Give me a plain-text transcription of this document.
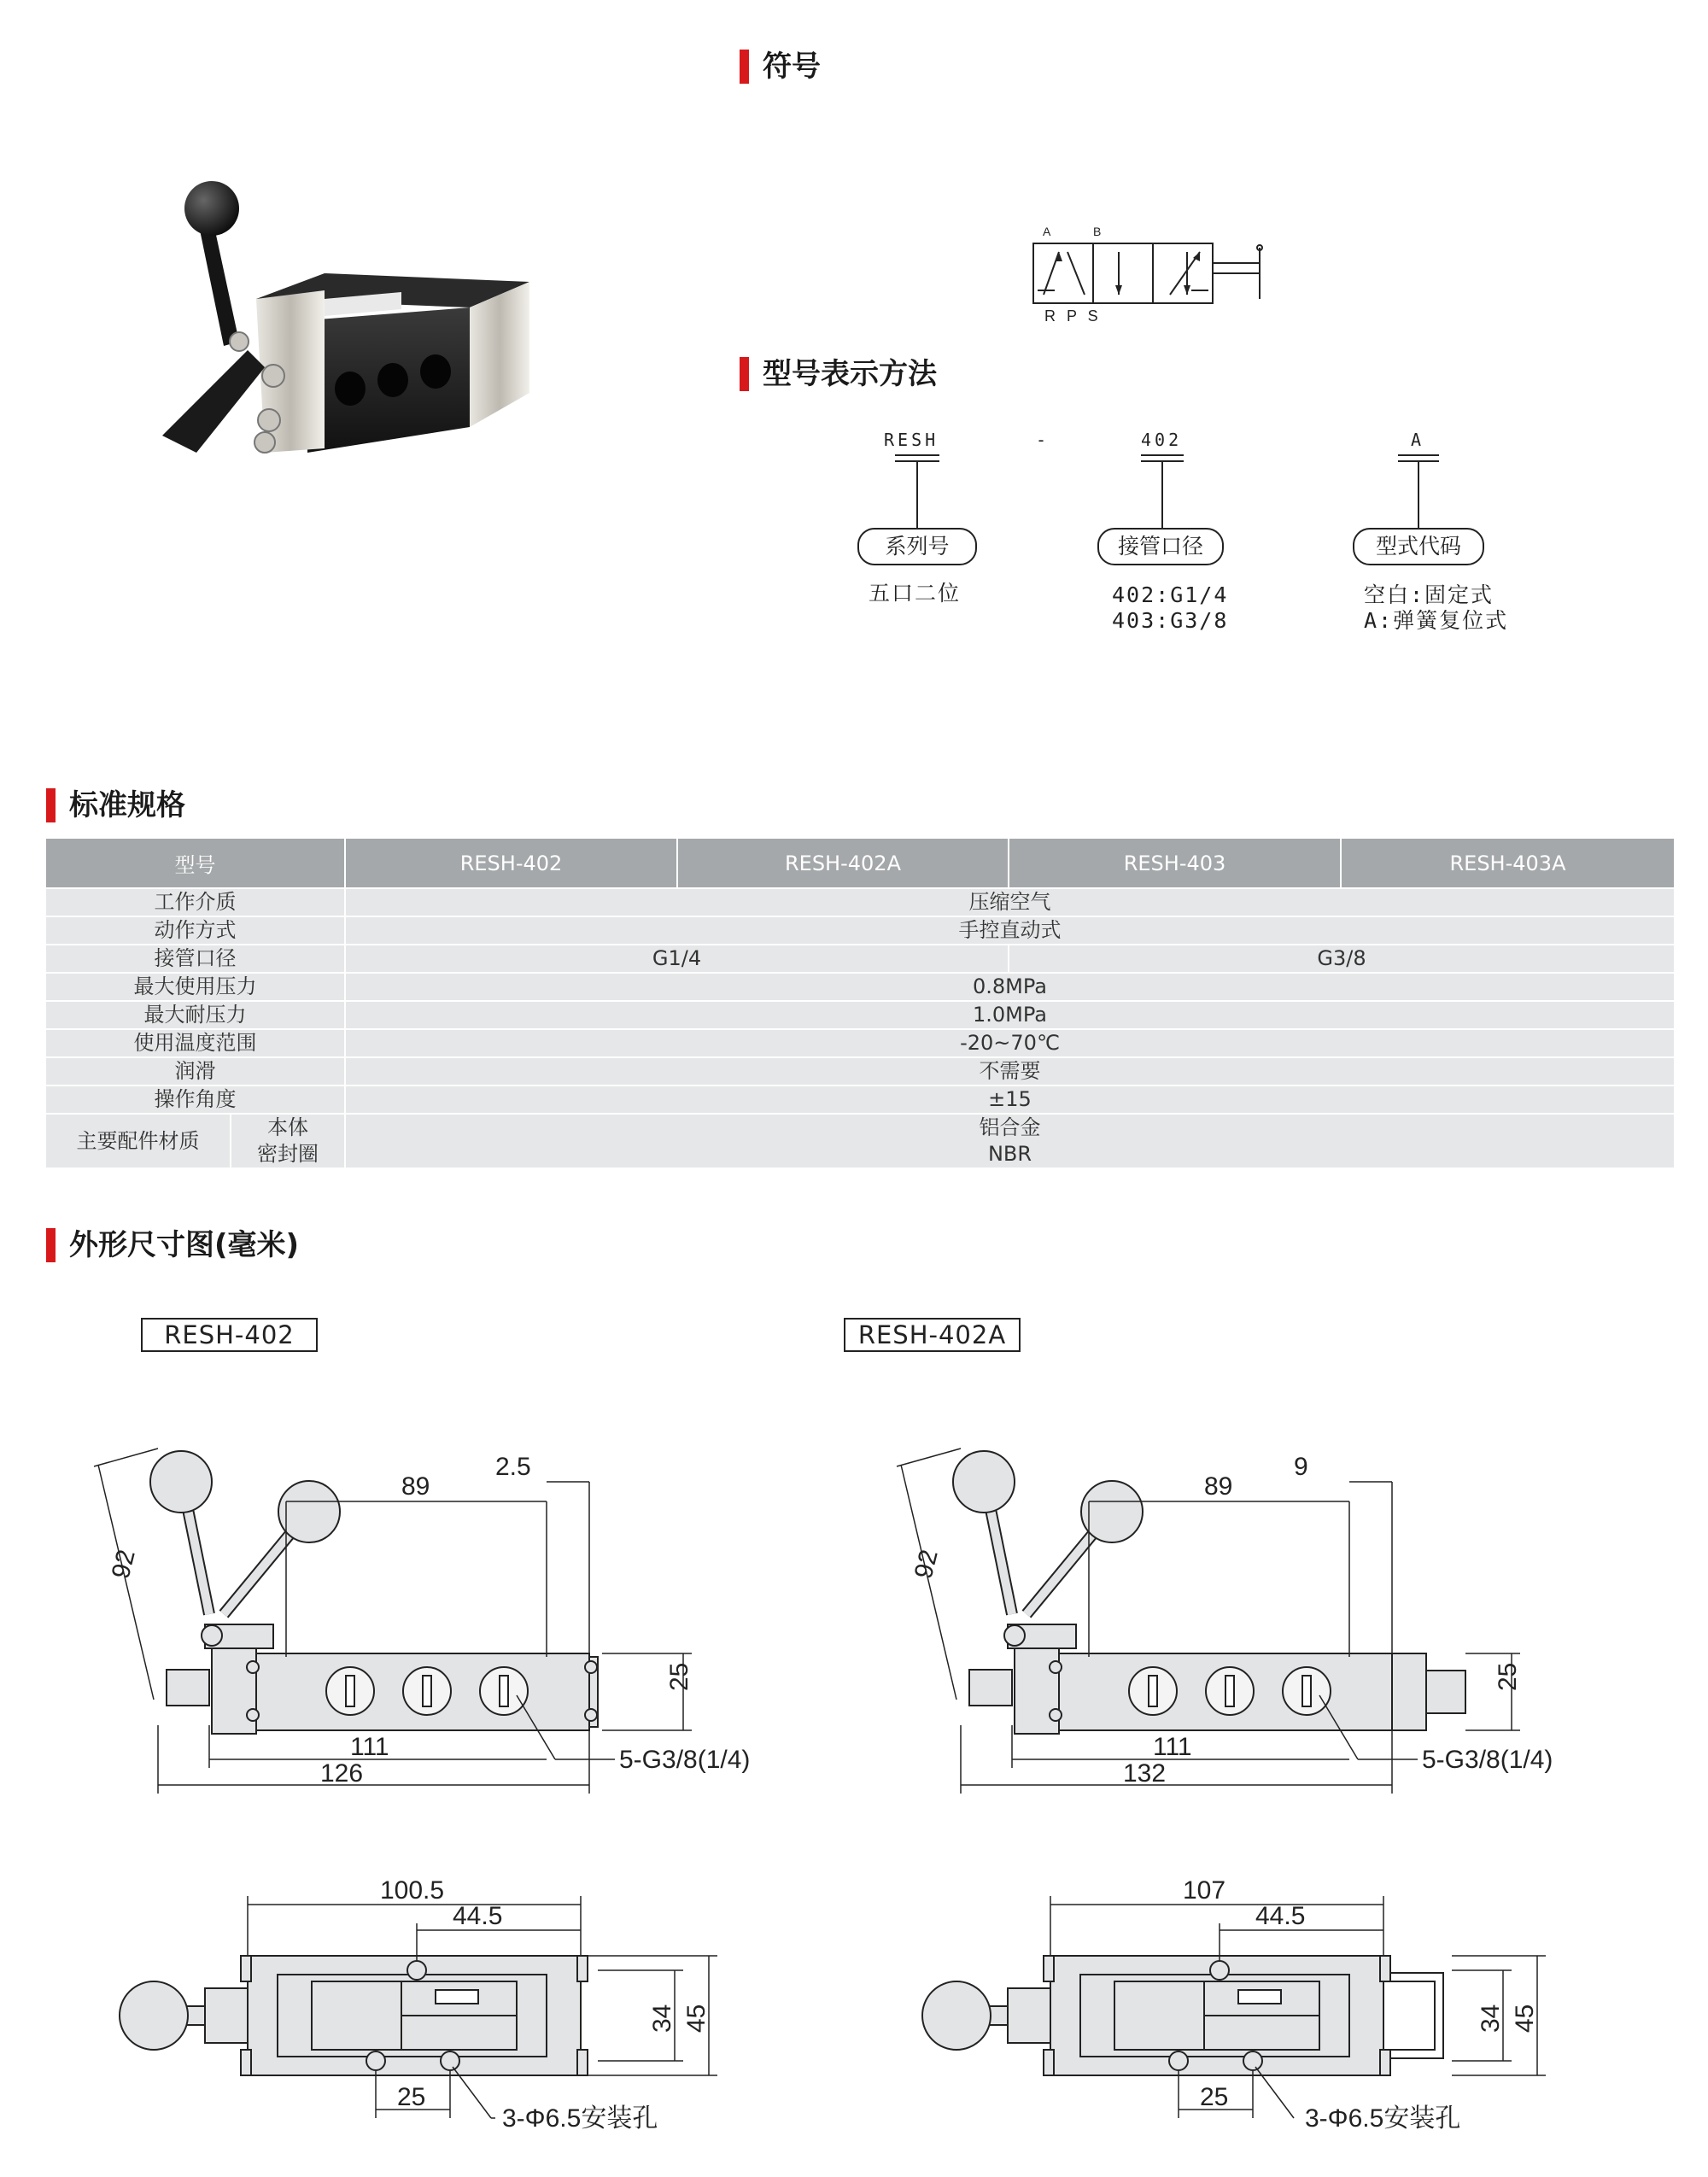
符号
A	B
R P S
型号表示方法
RESH	-	402	A
系列号	接管口径	型式代码
五口二位	402:G1/4
403:G3/8
空白:固定式
A:弹簧复位式
标准规格
型号		RESH-402	RESH-402A	RESH-403	RESH-403A
工作介质		压缩空气			
动作方式		手控直动式			
接管口径		G1/4		G3/8	
最大使用压力		0.8MPa			
最大耐压力		1.0MPa			
使用温度范围		-20~70℃			
润滑		不需要			
操作角度		±15			
主要配件材质	本体	铝合金			
	密封圈	NBR			
外形尺寸图(毫米)
RESH-402	RESH-402A
92
89
2.5
25
111
126	5-G3/8(1/4)
100.5
44.5
34 45
25
3-Φ6.5安装孔
92
89
9
25
111
132	5-G3/8(1/4)
107
44.5
34 45
25
3-Φ6.5安装孔
